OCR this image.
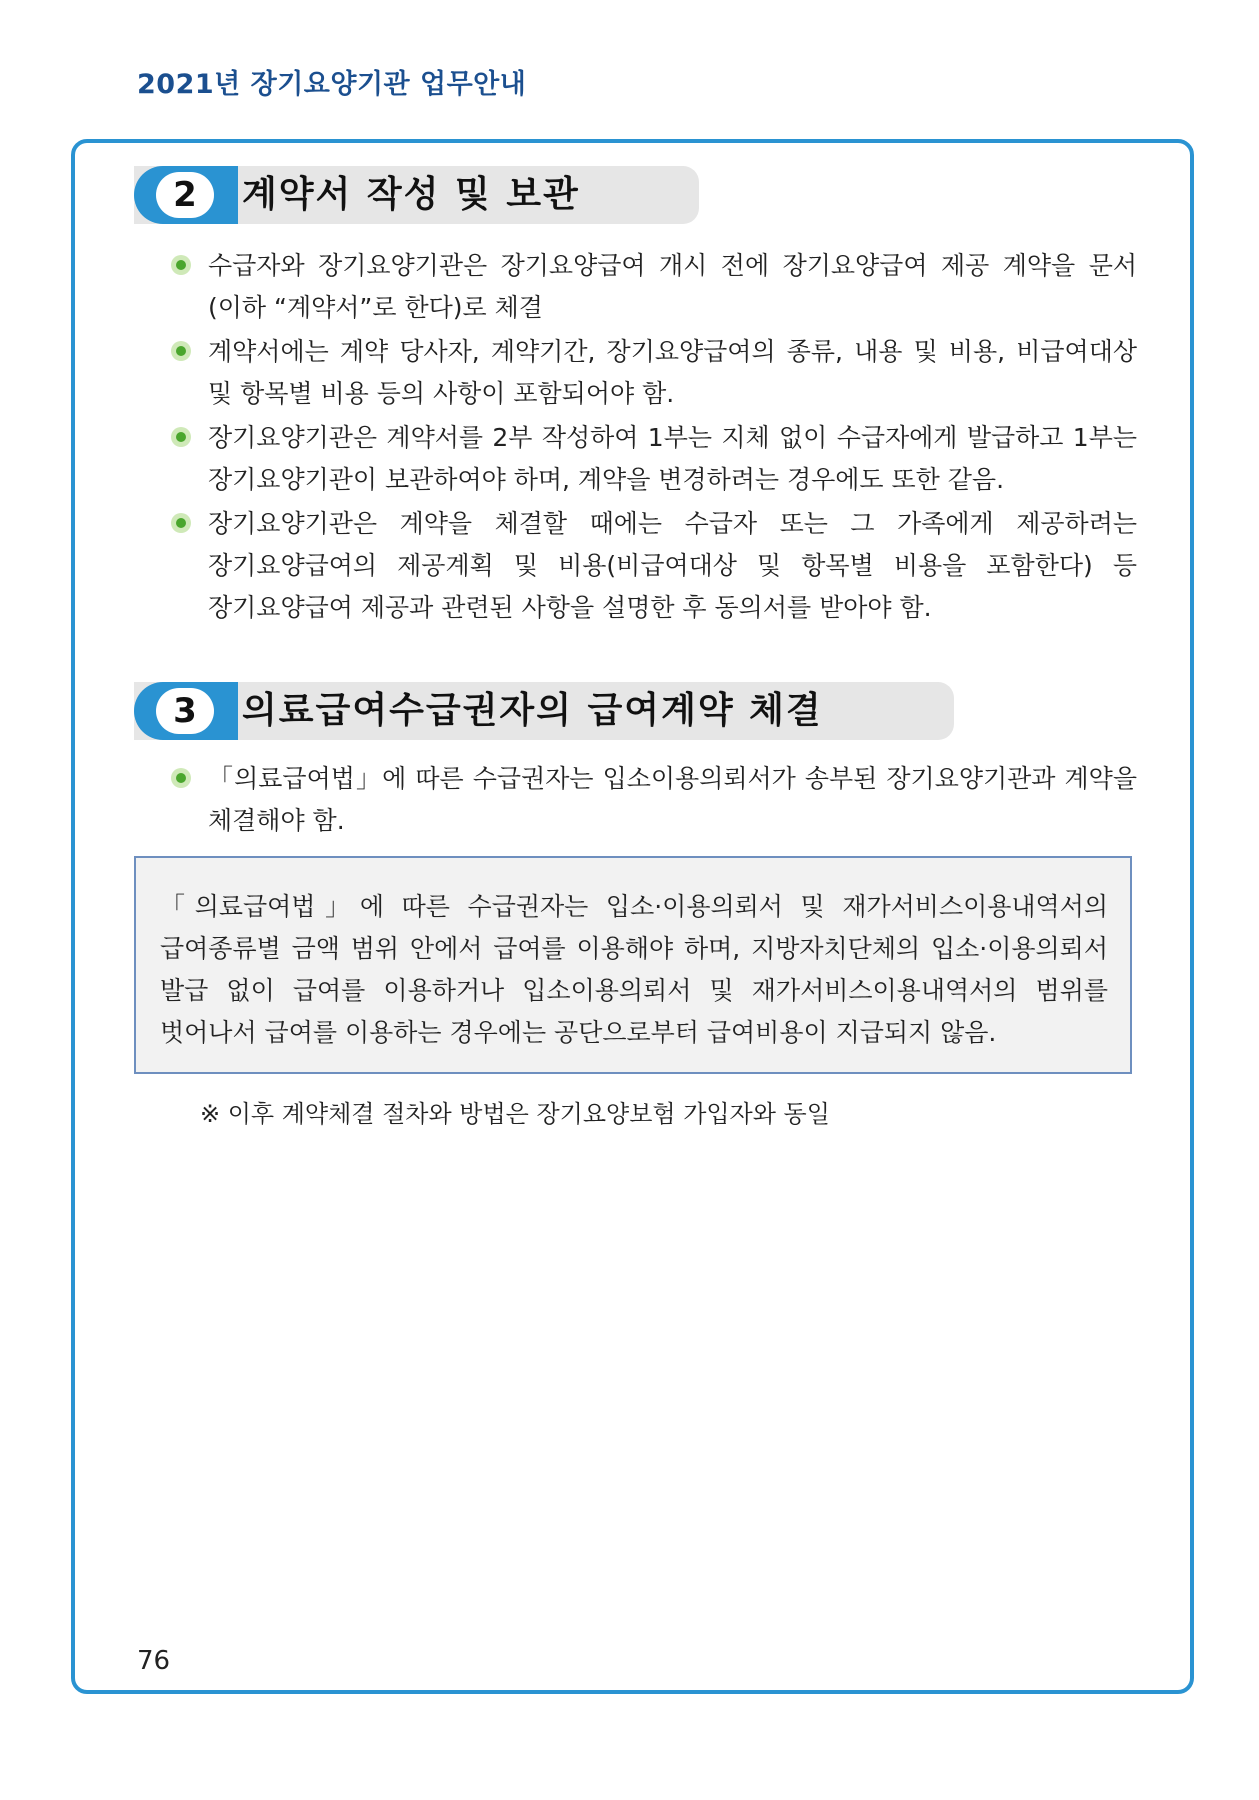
2021년 장기요양기관 업무안내
2	계약서 작성 및 보관
수급자와 장기요양기관은 장기요양급여 개시 전에 장기요양급여 제공 계약을 문서(이하 “계약서”로 한다)로 체결
계약서에는 계약 당사자, 계약기간, 장기요양급여의 종류, 내용 및 비용, 비급여대상 및 항목별 비용 등의 사항이 포함되어야 함.
장기요양기관은 계약서를 2부 작성하여 1부는 지체 없이 수급자에게 발급하고 1부는 장기요양기관이 보관하여야 하며, 계약을 변경하려는 경우에도 또한 같음.
장기요양기관은 계약을 체결할 때에는 수급자 또는 그 가족에게 제공하려는 장기요양급여의 제공계획 및 비용(비급여대상 및 항목별 비용을 포함한다) 등 장기요양급여 제공과 관련된 사항을 설명한 후 동의서를 받아야 함.
3	의료급여수급권자의 급여계약 체결
「의료급여법」에 따른 수급권자는 입소이용의뢰서가 송부된 장기요양기관과 계약을 체결해야 함.
「의료급여법」에 따른 수급권자는 입소·이용의뢰서 및 재가서비스이용내역서의 급여종류별 금액 범위 안에서 급여를 이용해야 하며, 지방자치단체의 입소·이용의뢰서 발급 없이 급여를 이용하거나 입소이용의뢰서 및 재가서비스이용내역서의 범위를 벗어나서 급여를 이용하는 경우에는 공단으로부터 급여비용이 지급되지 않음.
※ 이후 계약체결 절차와 방법은 장기요양보험 가입자와 동일
76
